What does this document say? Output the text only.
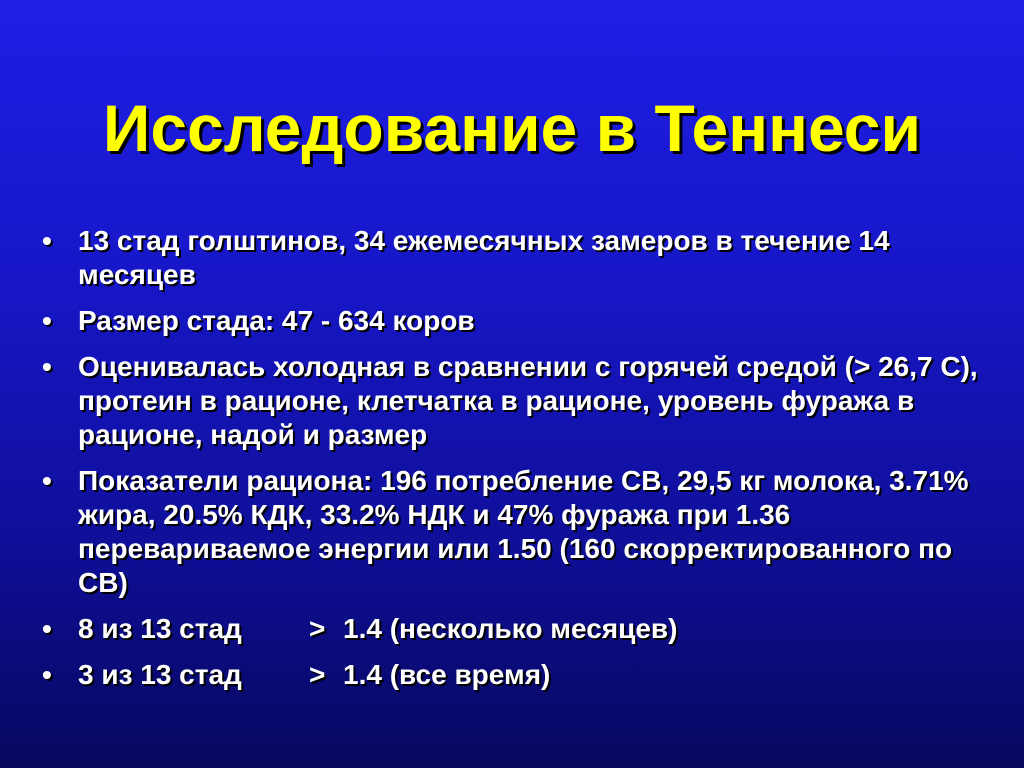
Исследование в Теннеси
• 13 стад голштинов, 34 ежемесячных замеров в течение 14 месяцев
• Размер стада: 47 - 634 коров
• Оценивалась холодная в сравнении с горячей средой (> 26,7 С), протеин в рационе, клетчатка в рационе, уровень фуража в рационе, надой и размер
• Показатели рациона: 196 потребление СВ, 29,5 кг молока, 3.71% жира, 20.5% КДК, 33.2% НДК и 47% фуража при 1.36 перевариваемое энергии или 1.50 (160 скорректированного по СВ)
• 8 из 13 стад > 1.4 (несколько месяцев)
• 3 из 13 стад > 1.4 (все время)
